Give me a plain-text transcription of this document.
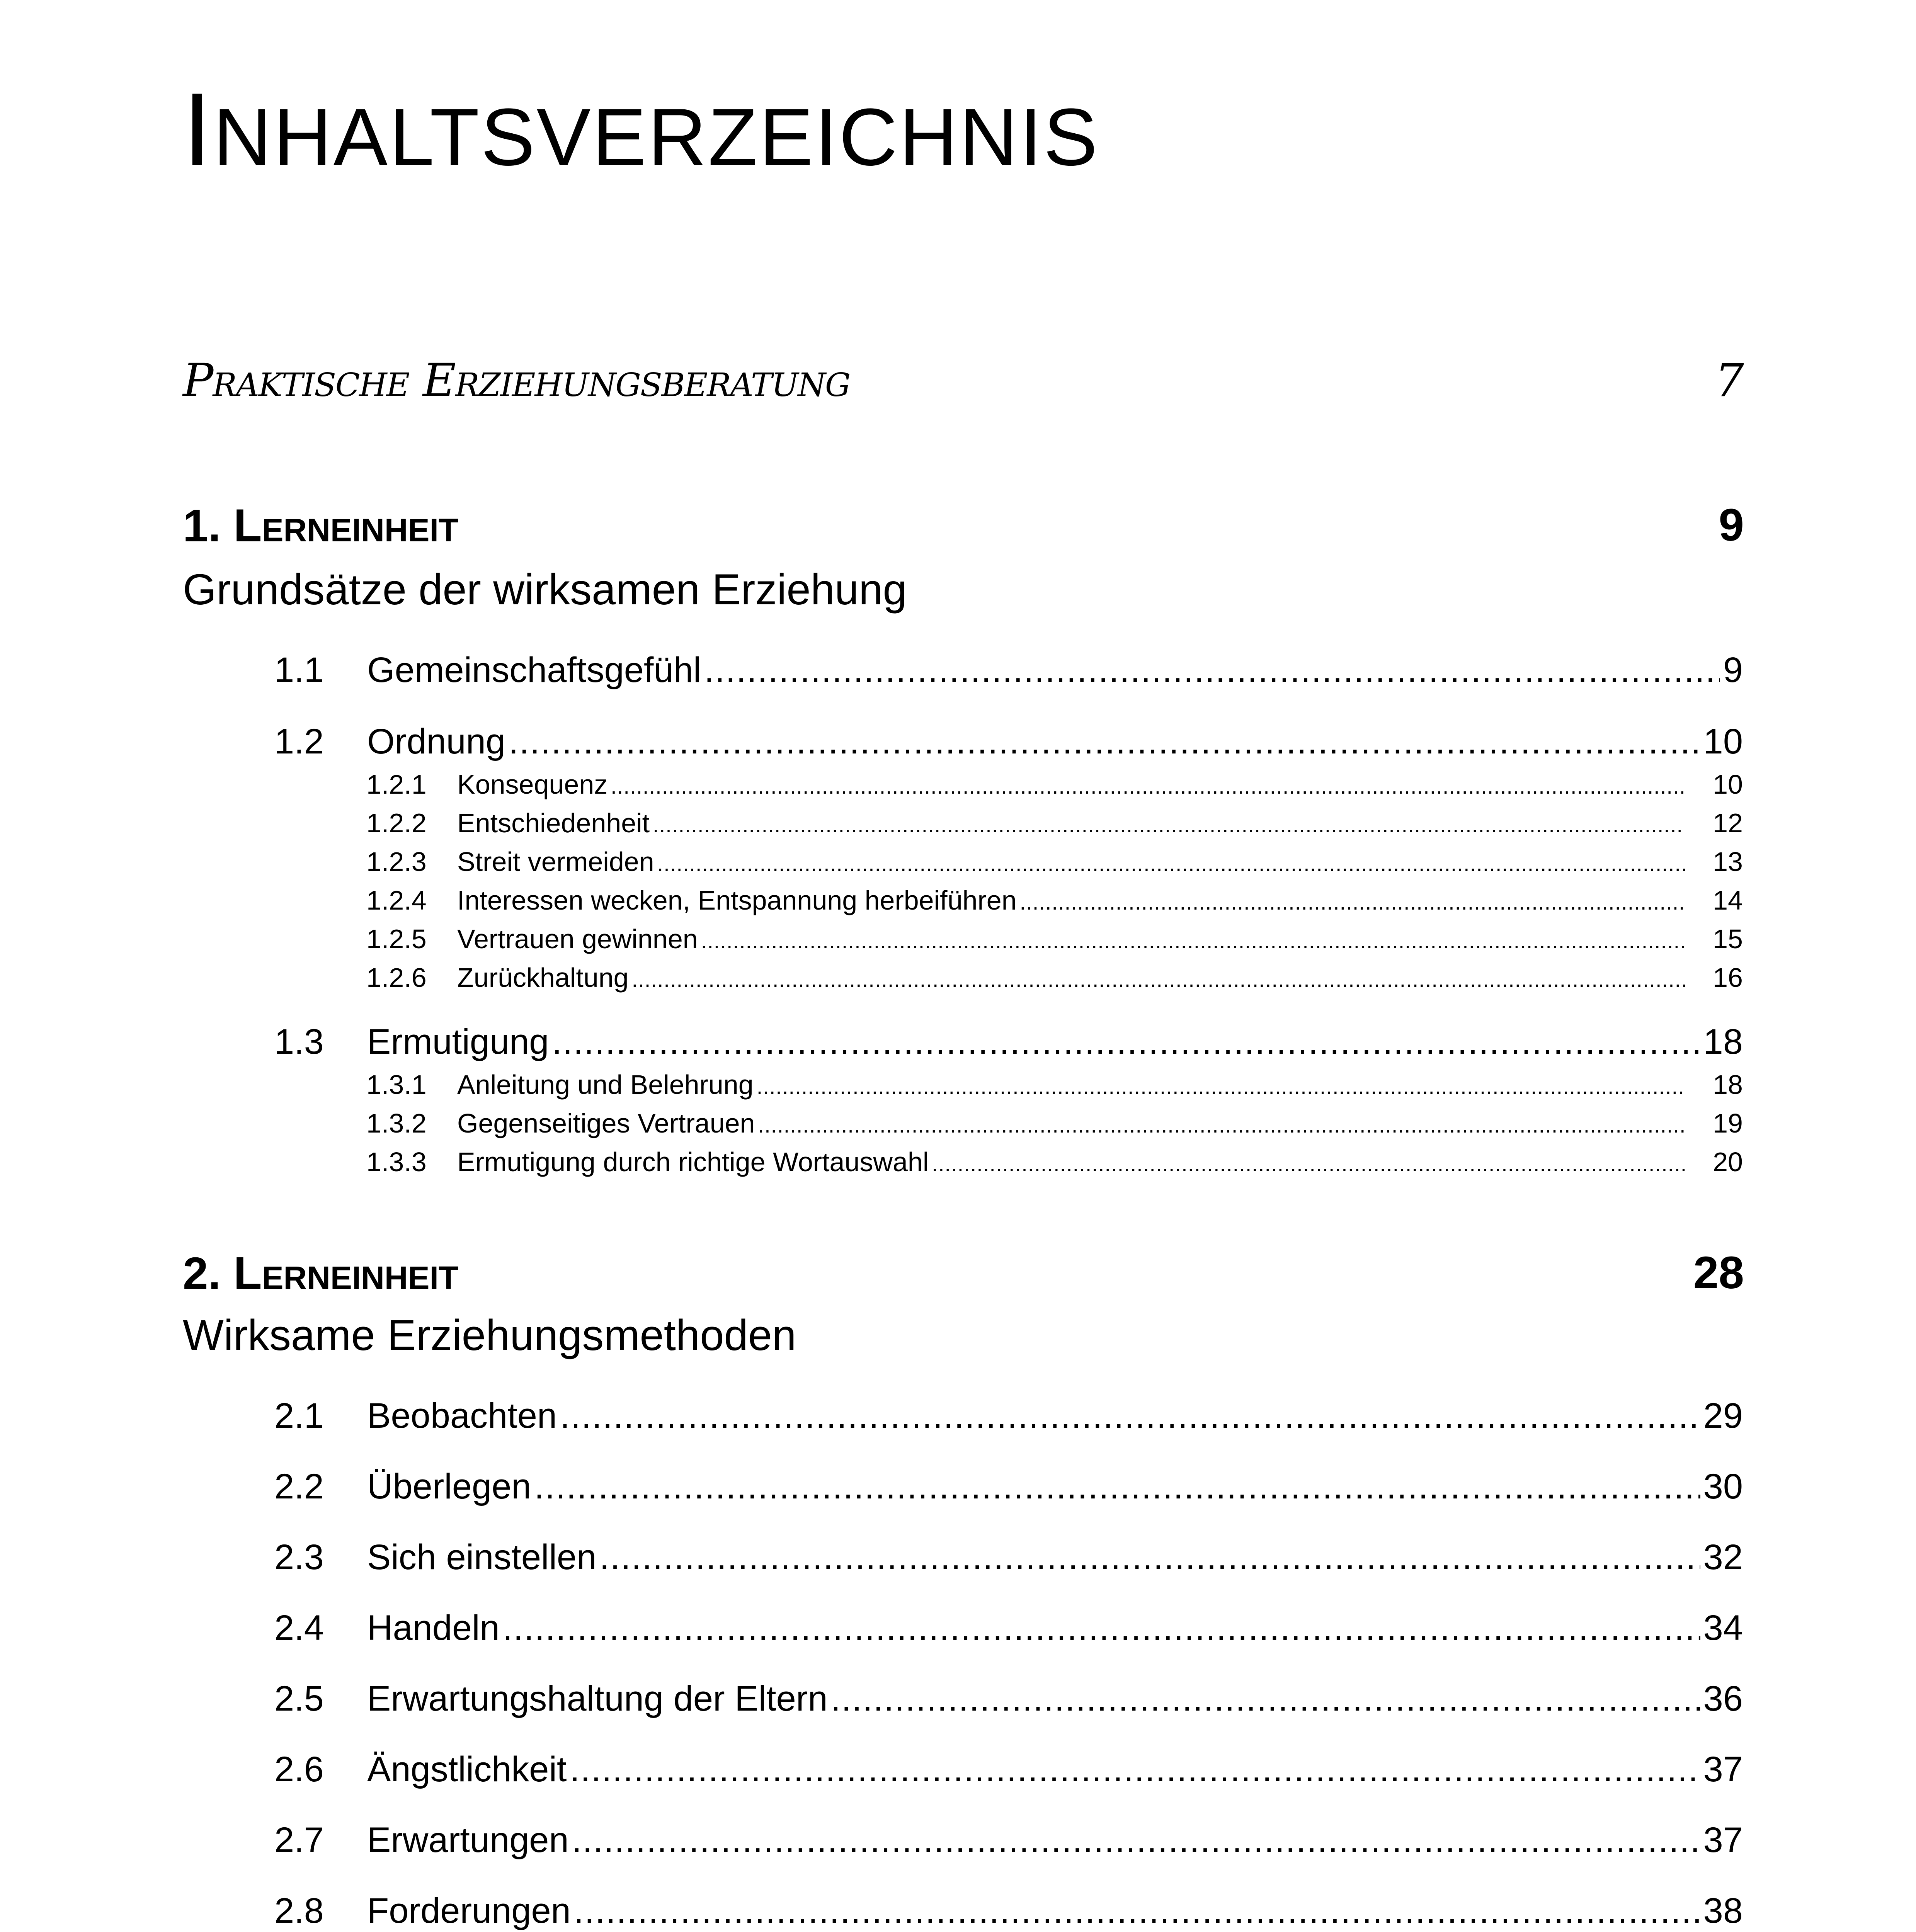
INHALTSVERZEICHNIS
Praktische Erziehungsberatung	7
1. Lerneinheit	9
Grundsätze der wirksamen Erziehung
1.1	Gemeinschaftsgefühl .....	9
1.2	Ordnung .....	10
1.2.1	Konsequenz .....	10
1.2.2	Entschiedenheit .....	12
1.2.3	Streit vermeiden .....	13
1.2.4	Interessen wecken, Entspannung herbeiführen .....	14
1.2.5	Vertrauen gewinnen .....	15
1.2.6	Zurückhaltung .....	16
1.3	Ermutigung .....	18
1.3.1	Anleitung und Belehrung .....	18
1.3.2	Gegenseitiges Vertrauen .....	19
1.3.3	Ermutigung durch richtige Wortauswahl .....	20
2. Lerneinheit	28
Wirksame Erziehungsmethoden
2.1	Beobachten .....	29
2.2	Überlegen .....	30
2.3	Sich einstellen .....	32
2.4	Handeln .....	34
2.5	Erwartungshaltung der Eltern .....	36
2.6	Ängstlichkeit .....	37
2.7	Erwartungen .....	37
2.8	Forderungen .....	38
